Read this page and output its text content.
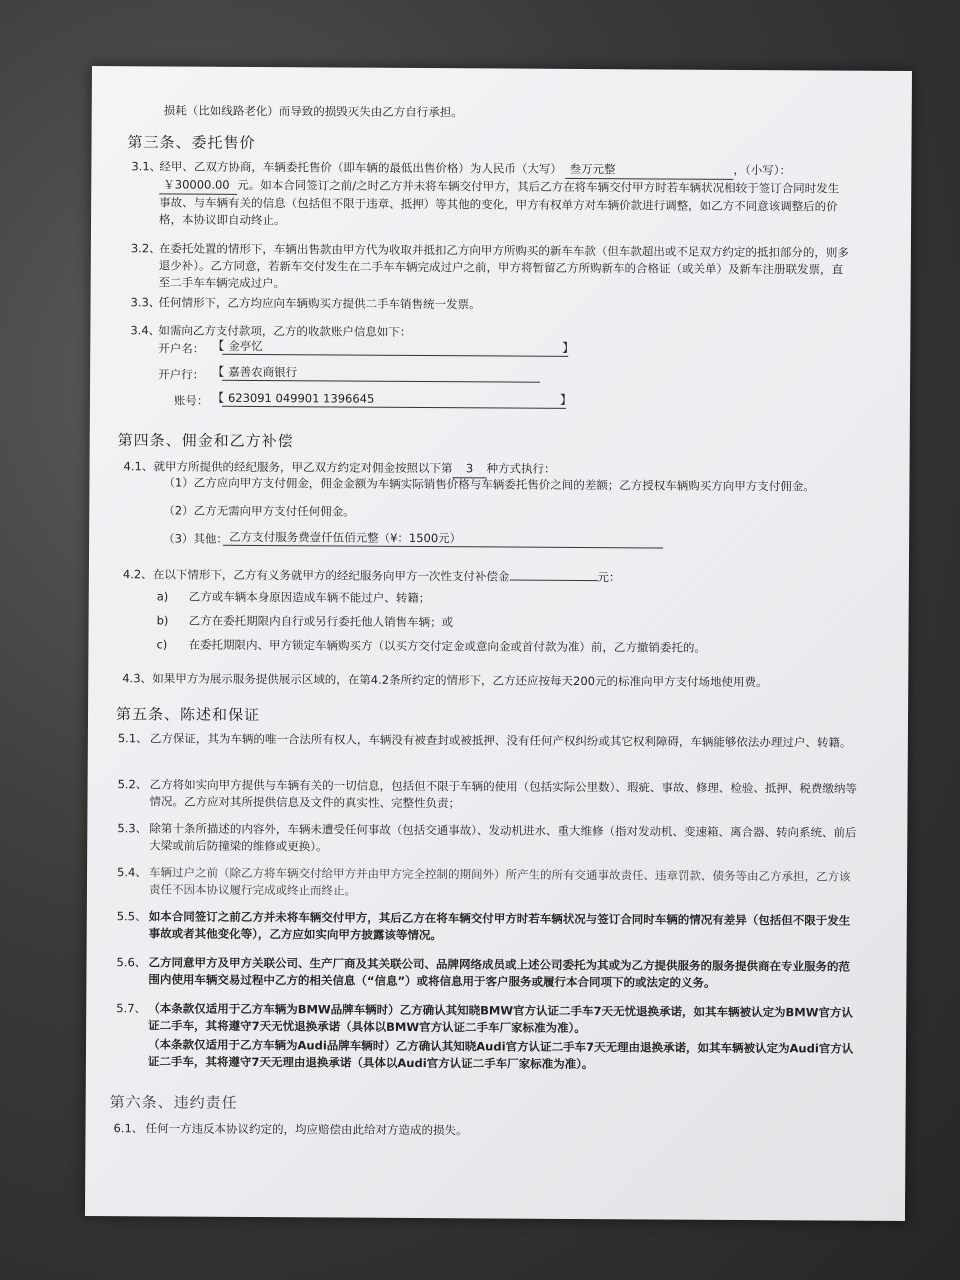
损耗（比如线路老化）而导致的损毁灭失由乙方自行承担。
第三条、委托售价
3.1、
经甲、乙双方协商，车辆委托售价（即车辆的最低出售价格）为人民币（大写） 叁万元整	，（小写）： ￥30000.00 元。如本合同签订之前/之时乙方并未将车辆交付甲方，其后乙方在将车辆交付甲方时若车辆状况相较于签订合同时发生事故、与车辆有关的信息（包括但不限于违章、抵押）等其他的变化，甲方有权单方对车辆价款进行调整，如乙方不同意该调整后的价格，本协议即自动终止。
3.2、
在委托处置的情形下，车辆出售款由甲方代为收取并抵扣乙方向甲方所购买的新车车款（但车款超出或不足双方约定的抵扣部分的，则多退少补）。乙方同意，若新车交付发生在二手车车辆完成过户之前，甲方将暂留乙方所购新车的合格证（或关单）及新车注册联发票，直至二手车车辆完成过户。
3.3、
任何情形下，乙方均应向车辆购买方提供二手车销售统一发票。
3.4、
如需向乙方支付款项，乙方的收款账户信息如下：
开户名： 【 金亭忆	】
开户行： 【 嘉善农商银行
账号： 【 623091 049901 1396645	】
第四条、佣金和乙方补偿
4.1、 就甲方所提供的经纪服务，甲乙双方约定对佣金按照以下第 3 种方式执行：
（1）乙方应向甲方支付佣金，佣金金额为车辆实际销售价格与车辆委托售价之间的差额；乙方授权车辆购买方向甲方支付佣金。
（2）乙方无需向甲方支付任何佣金。
（3）其他： 乙方支付服务费壹仟伍佰元整（¥：1500元）
4.2、 在以下情形下，乙方有义务就甲方的经纪服务向甲方一次性支付补偿金	元：
a) 乙方或车辆本身原因造成车辆不能过户、转籍；
b) 乙方在委托期限内自行或另行委托他人销售车辆；或
c) 在委托期限内、甲方锁定车辆购买方（以买方交付定金或意向金或首付款为准）前，乙方撤销委托的。
4.3、 如果甲方为展示服务提供展示区域的，在第4.2条所约定的情形下，乙方还应按每天200元的标准向甲方支付场地使用费。
第五条、陈述和保证
5.1、 乙方保证，其为车辆的唯一合法所有权人，车辆没有被查封或被抵押、没有任何产权纠纷或其它权利障碍，车辆能够依法办理过户、转籍。
5.2、 乙方将如实向甲方提供与车辆有关的一切信息，包括但不限于车辆的使用（包括实际公里数）、瑕疵、事故、修理、检验、抵押、税费缴纳等情况。乙方应对其所提供信息及文件的真实性、完整性负责；
5.3、 除第十条所描述的内容外，车辆未遭受任何事故（包括交通事故）、发动机进水、重大维修（指对发动机、变速箱、离合器、转向系统、前后大梁或前后防撞梁的维修或更换）。
5.4、 车辆过户之前（除乙方将车辆交付给甲方并由甲方完全控制的期间外）所产生的所有交通事故责任、违章罚款、债务等由乙方承担，乙方该责任不因本协议履行完成或终止而终止。
5.5、 如本合同签订之前乙方并未将车辆交付甲方，其后乙方在将车辆交付甲方时若车辆状况与签订合同时车辆的情况有差异（包括但不限于发生事故或者其他变化等），乙方应如实向甲方披露该等情况。
5.6、 乙方同意甲方及甲方关联公司、生产厂商及其关联公司、品牌网络成员或上述公司委托为其或为乙方提供服务的服务提供商在专业服务的范围内使用车辆交易过程中乙方的相关信息（“信息”）或将信息用于客户服务或履行本合同项下的或法定的义务。
5.7、 （本条款仅适用于乙方车辆为BMW品牌车辆时）乙方确认其知晓BMW官方认证二手车7天无忧退换承诺，如其车辆被认定为BMW官方认证二手车，其将遵守7天无忧退换承诺（具体以BMW官方认证二手车厂家标准为准）。
（本条款仅适用于乙方车辆为Audi品牌车辆时）乙方确认其知晓Audi官方认证二手车7天无理由退换承诺，如其车辆被认定为Audi官方认证二手车，其将遵守7天无理由退换承诺（具体以Audi官方认证二手车厂家标准为准）。
第六条、违约责任
6.1、 任何一方违反本协议约定的，均应赔偿由此给对方造成的损失。
